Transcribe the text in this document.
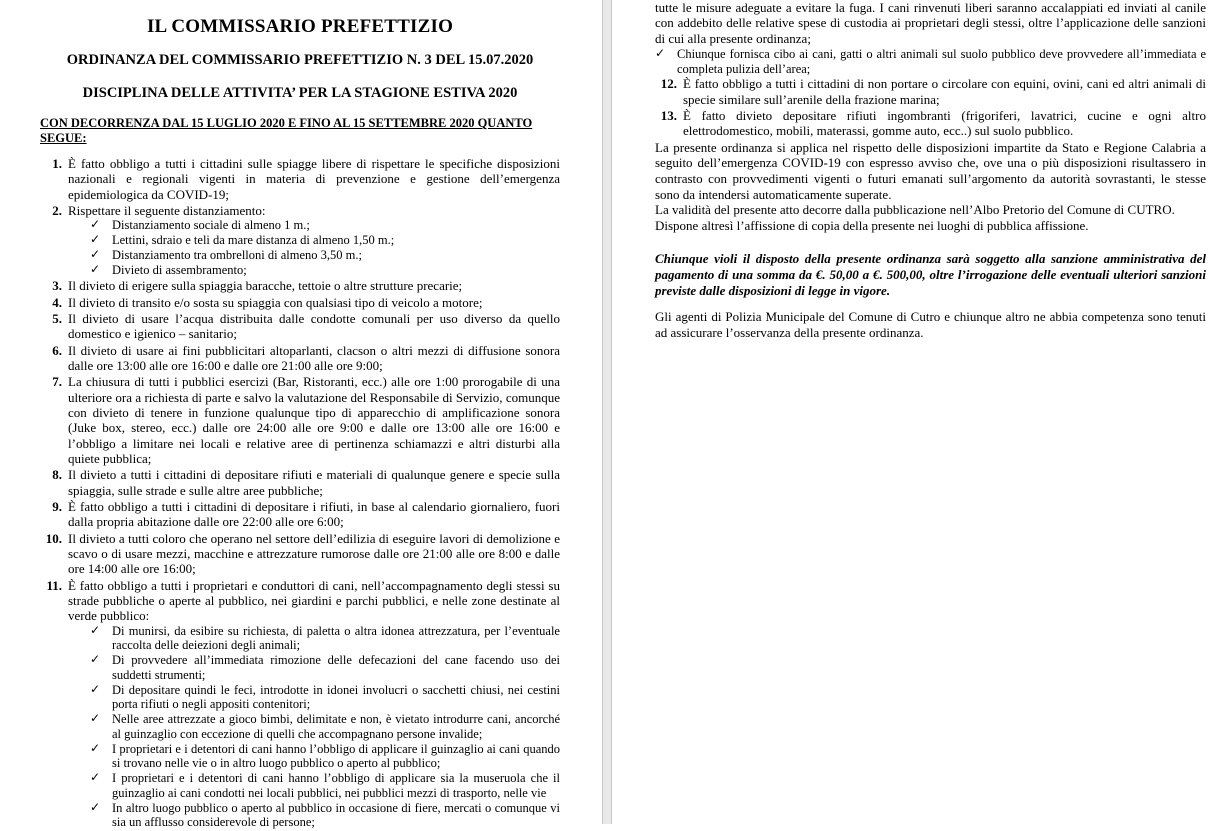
IL COMMISSARIO PREFETTIZIO
ORDINANZA DEL COMMISSARIO PREFETTIZIO N. 3 DEL 15.07.2020
DISCIPLINA DELLE ATTIVITA’ PER LA STAGIONE ESTIVA 2020
CON DECORRENZA DAL 15 LUGLIO 2020 E FINO AL 15 SETTEMBRE 2020 QUANTO SEGUE:
1. È fatto obbligo a tutti i cittadini sulle spiagge libere di rispettare le specifiche disposizioni nazionali e regionali vigenti in materia di prevenzione e gestione dell’emergenza epidemiologica da COVID-19;
2. Rispettare il seguente distanziamento:
✓ Distanziamento sociale di almeno 1 m.;
✓ Lettini, sdraio e teli da mare distanza di almeno 1,50 m.;
✓ Distanziamento tra ombrelloni di almeno 3,50 m.;
✓ Divieto di assembramento;
3. Il divieto di erigere sulla spiaggia baracche, tettoie o altre strutture precarie;
4. Il divieto di transito e/o sosta su spiaggia con qualsiasi tipo di veicolo a motore;
5. Il divieto di usare l’acqua distribuita dalle condotte comunali per uso diverso da quello domestico e igienico – sanitario;
6. Il divieto di usare ai fini pubblicitari altoparlanti, clacson o altri mezzi di diffusione sonora dalle ore 13:00 alle ore 16:00 e dalle ore 21:00 alle ore 9:00;
7. La chiusura di tutti i pubblici esercizi (Bar, Ristoranti, ecc.) alle ore 1:00 prorogabile di una ulteriore ora a richiesta di parte e salvo la valutazione del Responsabile di Servizio, comunque con divieto di tenere in funzione qualunque tipo di apparecchio di amplificazione sonora (Juke box, stereo, ecc.) dalle ore 24:00 alle ore 9:00 e dalle ore 13:00 alle ore 16:00 e l’obbligo a limitare nei locali e relative aree di pertinenza schiamazzi e altri disturbi alla quiete pubblica;
8. Il divieto a tutti i cittadini di depositare rifiuti e materiali di qualunque genere e specie sulla spiaggia, sulle strade e sulle altre aree pubbliche;
9. È fatto obbligo a tutti i cittadini di depositare i rifiuti, in base al calendario giornaliero, fuori dalla propria abitazione dalle ore 22:00 alle ore 6:00;
10. Il divieto a tutti coloro che operano nel settore dell’edilizia di eseguire lavori di demolizione e scavo o di usare mezzi, macchine e attrezzature rumorose dalle ore 21:00 alle ore 8:00 e dalle ore 14:00 alle ore 16:00;
11. È fatto obbligo a tutti i proprietari e conduttori di cani, nell’accompagnamento degli stessi su strade pubbliche o aperte al pubblico, nei giardini e parchi pubblici, e nelle zone destinate al verde pubblico:
✓ Di munirsi, da esibire su richiesta, di paletta o altra idonea attrezzatura, per l’eventuale raccolta delle deiezioni degli animali;
✓ Di provvedere all’immediata rimozione delle defecazioni del cane facendo uso dei suddetti strumenti;
✓ Di depositare quindi le feci, introdotte in idonei involucri o sacchetti chiusi, nei cestini porta rifiuti o negli appositi contenitori;
✓ Nelle aree attrezzate a gioco bimbi, delimitate e non, è vietato introdurre cani, ancorché al guinzaglio con eccezione di quelli che accompagnano persone invalide;
✓ I proprietari e i detentori di cani hanno l’obbligo di applicare il guinzaglio ai cani quando si trovano nelle vie o in altro luogo pubblico o aperto al pubblico;
✓ I proprietari e i detentori di cani hanno l’obbligo di applicare sia la museruola che il guinzaglio ai cani condotti nei locali pubblici, nei pubblici mezzi di trasporto, nelle vie
✓ In altro luogo pubblico o aperto al pubblico in occasione di fiere, mercati o comunque vi sia un afflusso considerevole di persone;
tutte le misure adeguate a evitare la fuga. I cani rinvenuti liberi saranno accalappiati ed inviati al canile con addebito delle relative spese di custodia ai proprietari degli stessi, oltre l’applicazione delle sanzioni di cui alla presente ordinanza;
✓ Chiunque fornisca cibo ai cani, gatti o altri animali sul suolo pubblico deve provvedere all’immediata e completa pulizia dell’area;
12. È fatto obbligo a tutti i cittadini di non portare o circolare con equini, ovini, cani ed altri animali di specie similare sull’arenile della frazione marina;
13. È fatto divieto depositare rifiuti ingombranti (frigoriferi, lavatrici, cucine e ogni altro elettrodomestico, mobili, materassi, gomme auto, ecc..) sul suolo pubblico.

La presente ordinanza si applica nel rispetto delle disposizioni impartite da Stato e Regione Calabria a seguito dell’emergenza COVID-19 con espresso avviso che, ove una o più disposizioni risultassero in contrasto con provvedimenti vigenti o futuri emanati sull’argomento da autorità sovrastanti, le stesse sono da intendersi automaticamente superate.

La validità del presente atto decorre dalla pubblicazione nell’Albo Pretorio del Comune di CUTRO.

Dispone altresì l’affissione di copia della presente nei luoghi di pubblica affissione.

Chiunque violi il disposto della presente ordinanza sarà soggetto alla sanzione amministrativa del pagamento di una somma da €. 50,00 a €. 500,00, oltre l’irrogazione delle eventuali ulteriori sanzioni previste dalle disposizioni di legge in vigore.

Gli agenti di Polizia Municipale del Comune di Cutro e chiunque altro ne abbia competenza sono tenuti ad assicurare l’osservanza della presente ordinanza.
